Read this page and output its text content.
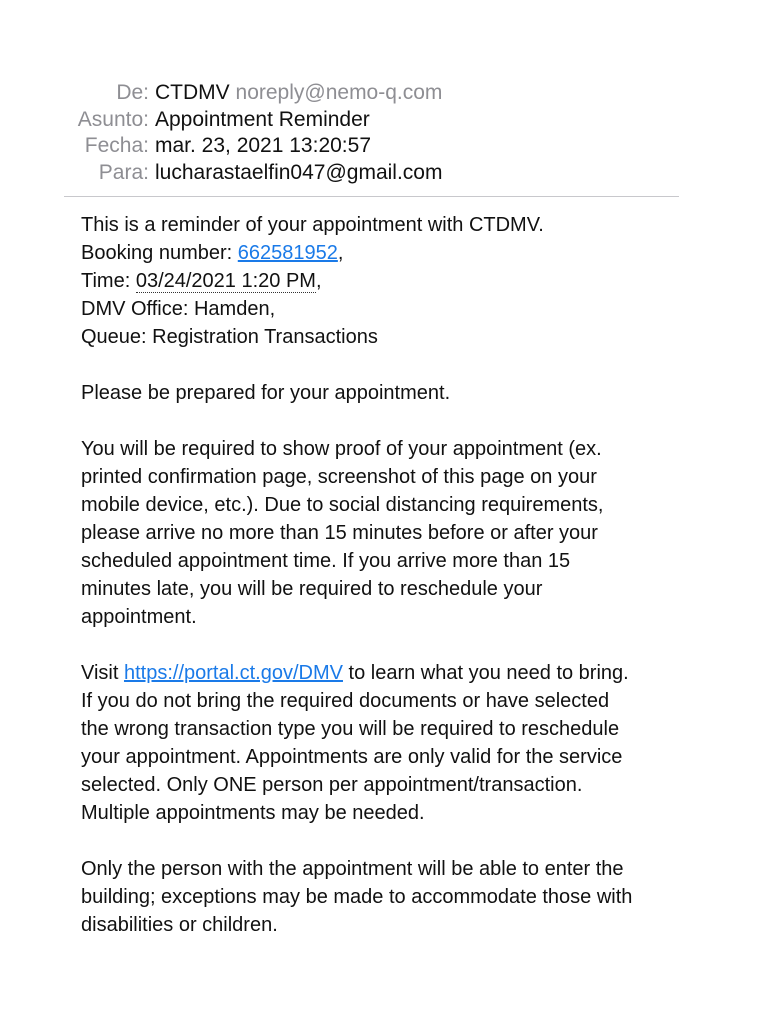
De: CTDMV noreply@nemo-q.com
Asunto: Appointment Reminder
Fecha: mar. 23, 2021 13:20:57
Para: lucharastaelfin047@gmail.com

This is a reminder of your appointment with CTDMV.
Booking number: 662581952,
Time: 03/24/2021 1:20 PM,
DMV Office: Hamden,
Queue: Registration Transactions

Please be prepared for your appointment.

You will be required to show proof of your appointment (ex.
printed confirmation page, screenshot of this page on your
mobile device, etc.). Due to social distancing requirements,
please arrive no more than 15 minutes before or after your
scheduled appointment time. If you arrive more than 15
minutes late, you will be required to reschedule your
appointment.

Visit https://portal.ct.gov/DMV to learn what you need to bring.
If you do not bring the required documents or have selected
the wrong transaction type you will be required to reschedule
your appointment. Appointments are only valid for the service
selected. Only ONE person per appointment/transaction.
Multiple appointments may be needed.

Only the person with the appointment will be able to enter the
building; exceptions may be made to accommodate those with
disabilities or children.
